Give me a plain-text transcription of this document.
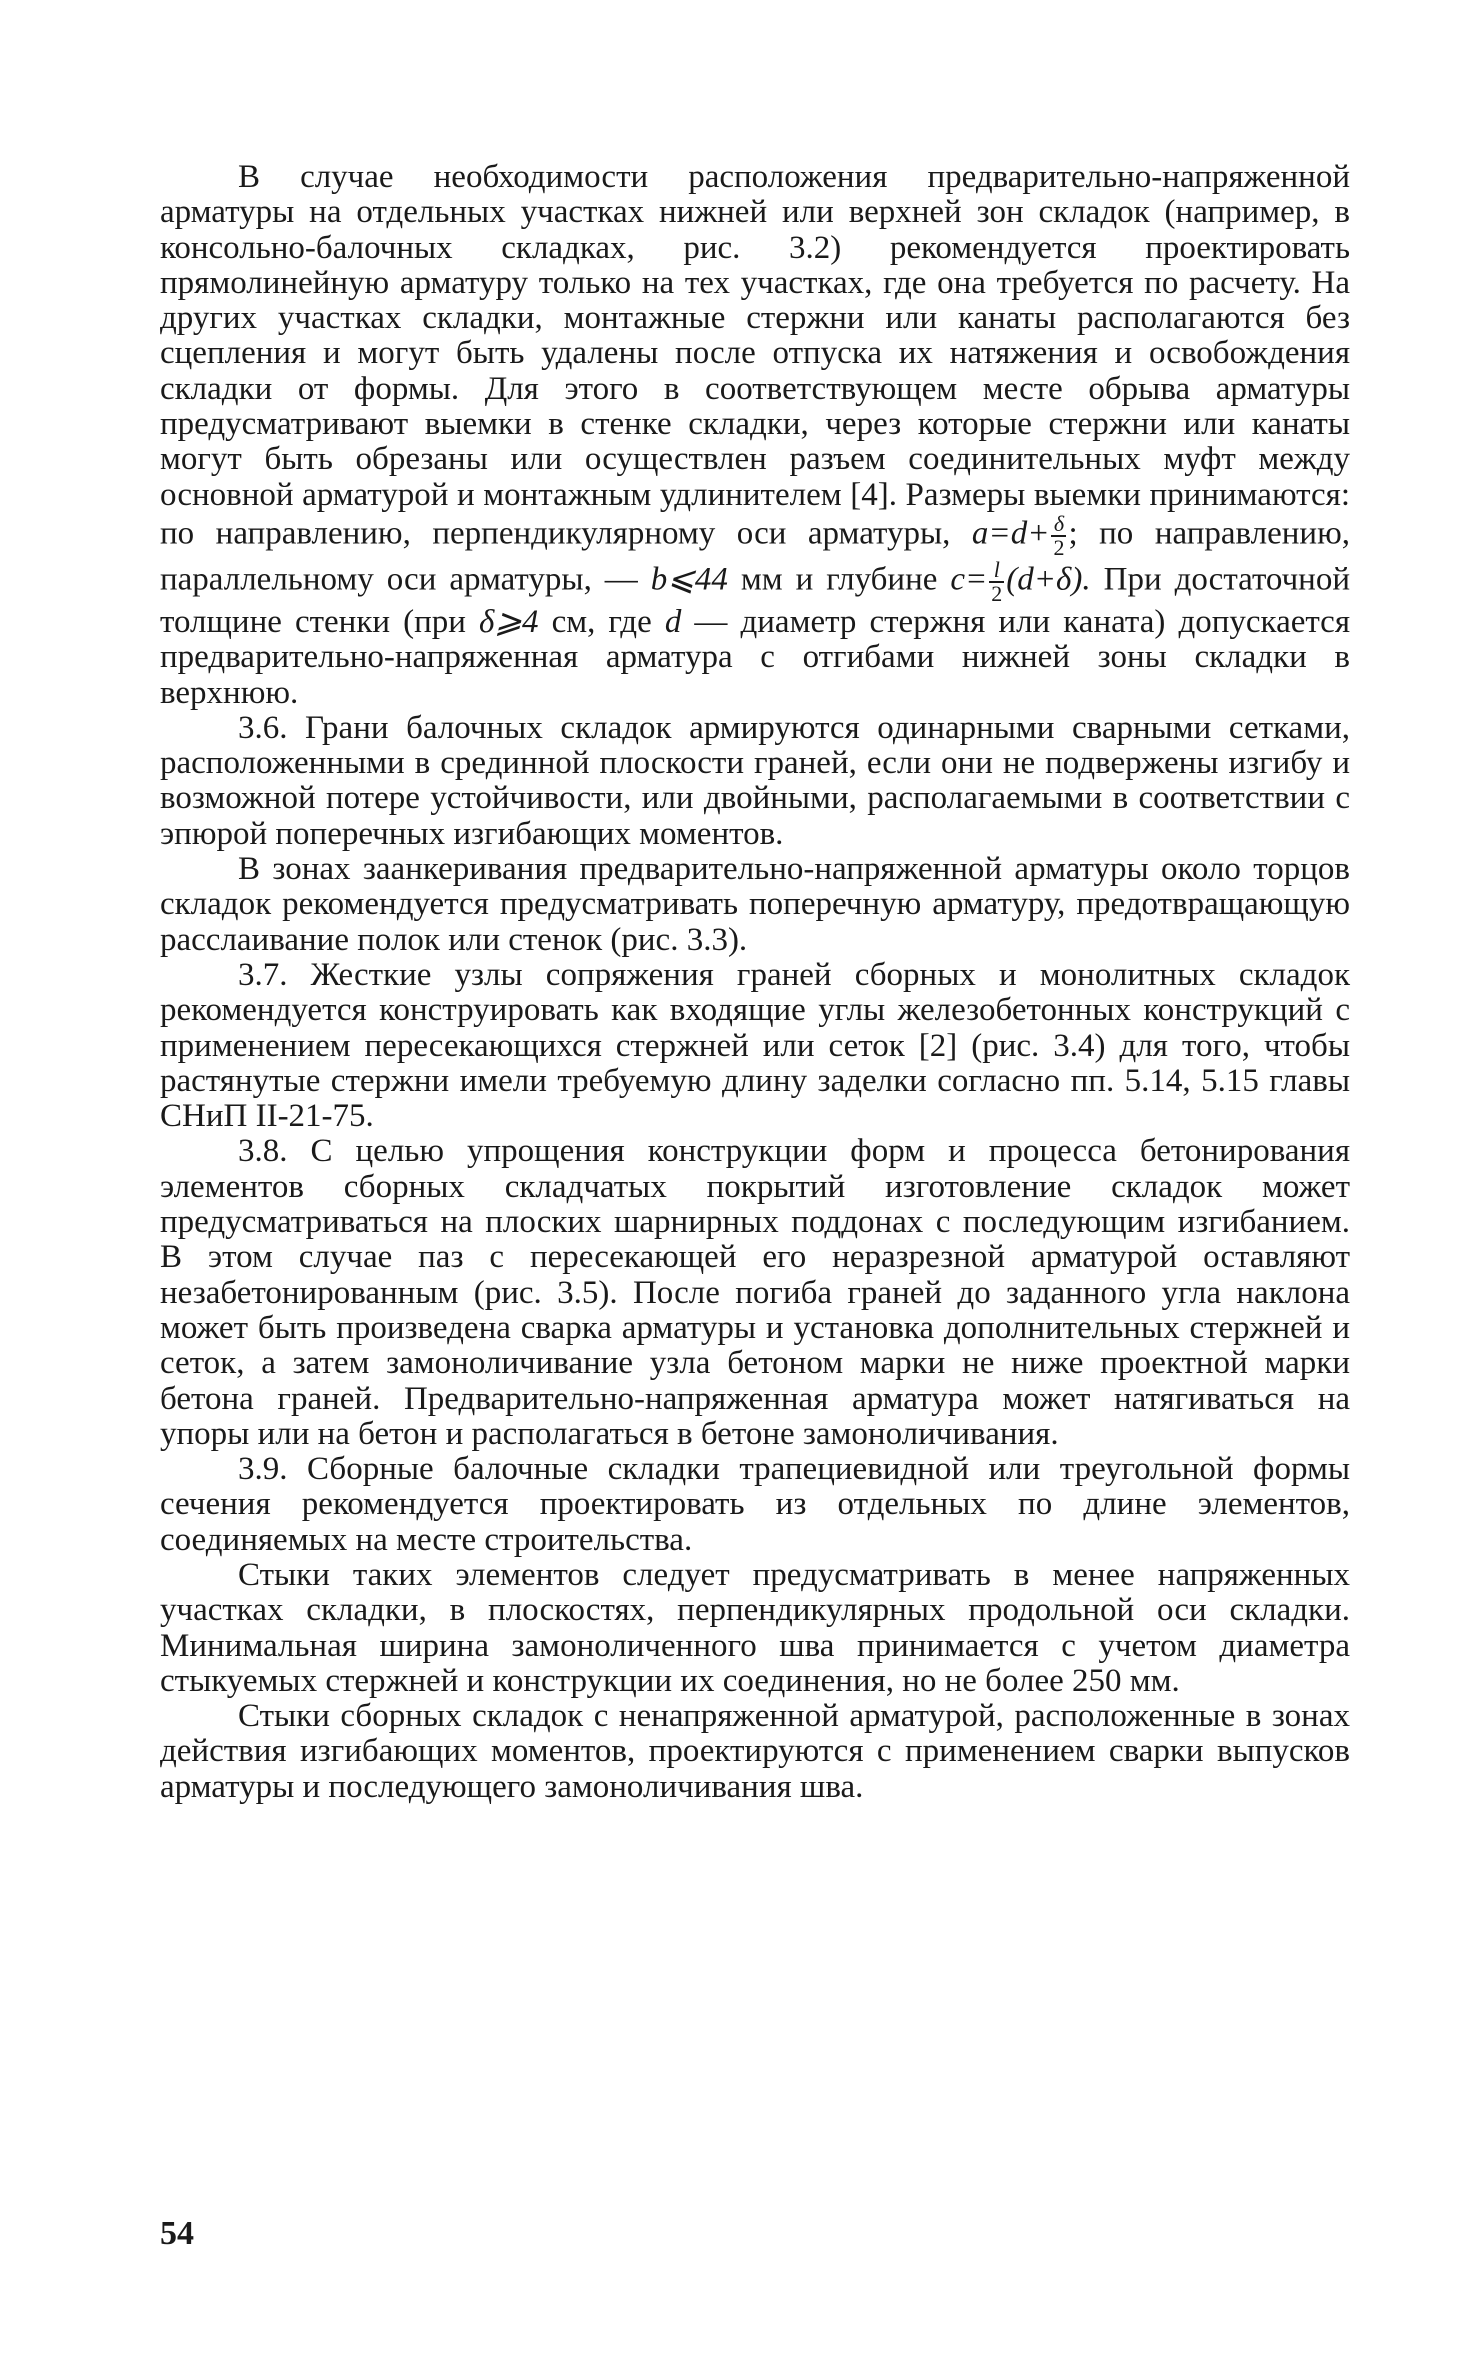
В случае необходимости расположения предварительно-напряженной арматуры на отдельных участках нижней или верхней зон складок (например, в консольно-балочных складках, рис. 3.2) рекомендуется проектировать прямолинейную арматуру только на тех участках, где она требуется по расчету. На других участках складки, монтажные стержни или канаты располагаются без сцепления и могут быть удалены после отпуска их натяжения и освобождения складки от формы. Для этого в соответствующем месте обрыва арматуры предусматривают выемки в стенке складки, через которые стержни или канаты могут быть обрезаны или осуществлен разъем соединительных муфт между основной арматурой и монтажным удлинителем [4]. Размеры выемки принимаются: по направлению, перпендикулярному оси арматуры, $a=d+ \frac{\delta}{2}$ ; по направлению, параллельному оси арматуры, — b⩽44 мм и глубине $c= \frac{l}{2} (d+\delta)$. При достаточной толщине стенки (при δ⩾4 см, где d — диаметр стержня или каната) допускается предварительно-напряженная арматура с отгибами нижней зоны складки в верхнюю.

3.6. Грани балочных складок армируются одинарными сварными сетками, расположенными в срединной плоскости граней, если они не подвержены изгибу и возможной потере устойчивости, или двойными, располагаемыми в соответствии с эпюрой поперечных изгибающих моментов.

В зонах заанкеривания предварительно-напряженной арматуры около торцов складок рекомендуется предусматривать поперечную арматуру, предотвращающую расслаивание полок или стенок (рис. 3.3).

3.7. Жесткие узлы сопряжения граней сборных и монолитных складок рекомендуется конструировать как входящие углы железобетонных конструкций с применением пересекающихся стержней или сеток [2] (рис. 3.4) для того, чтобы растянутые стержни имели требуемую длину заделки согласно пп. 5.14, 5.15 главы СНиП II-21-75.

3.8. С целью упрощения конструкции форм и процесса бетонирования элементов сборных складчатых покрытий изготовление складок может предусматриваться на плоских шарнирных поддонах с последующим изгибанием. В этом случае паз с пересекающей его неразрезной арматурой оставляют незабетонированным (рис. 3.5). После погиба граней до заданного угла наклона может быть произведена сварка арматуры и установка дополнительных стержней и сеток, а затем замоноличивание узла бетоном марки не ниже проектной марки бетона граней. Предварительно-напряженная арматура может натягиваться на упоры или на бетон и располагаться в бетоне замоноличивания.

3.9. Сборные балочные складки трапециевидной или треугольной формы сечения рекомендуется проектировать из отдельных по длине элементов, соединяемых на месте строительства.

Стыки таких элементов следует предусматривать в менее напряженных участках складки, в плоскостях, перпендикулярных продольной оси складки. Минимальная ширина замоноличенного шва принимается с учетом диаметра стыкуемых стержней и конструкции их соединения, но не более 250 мм.

Стыки сборных складок с ненапряженной арматурой, расположенные в зонах действия изгибающих моментов, проектируются с применением сварки выпусков арматуры и последующего замоноличивания шва.

54
